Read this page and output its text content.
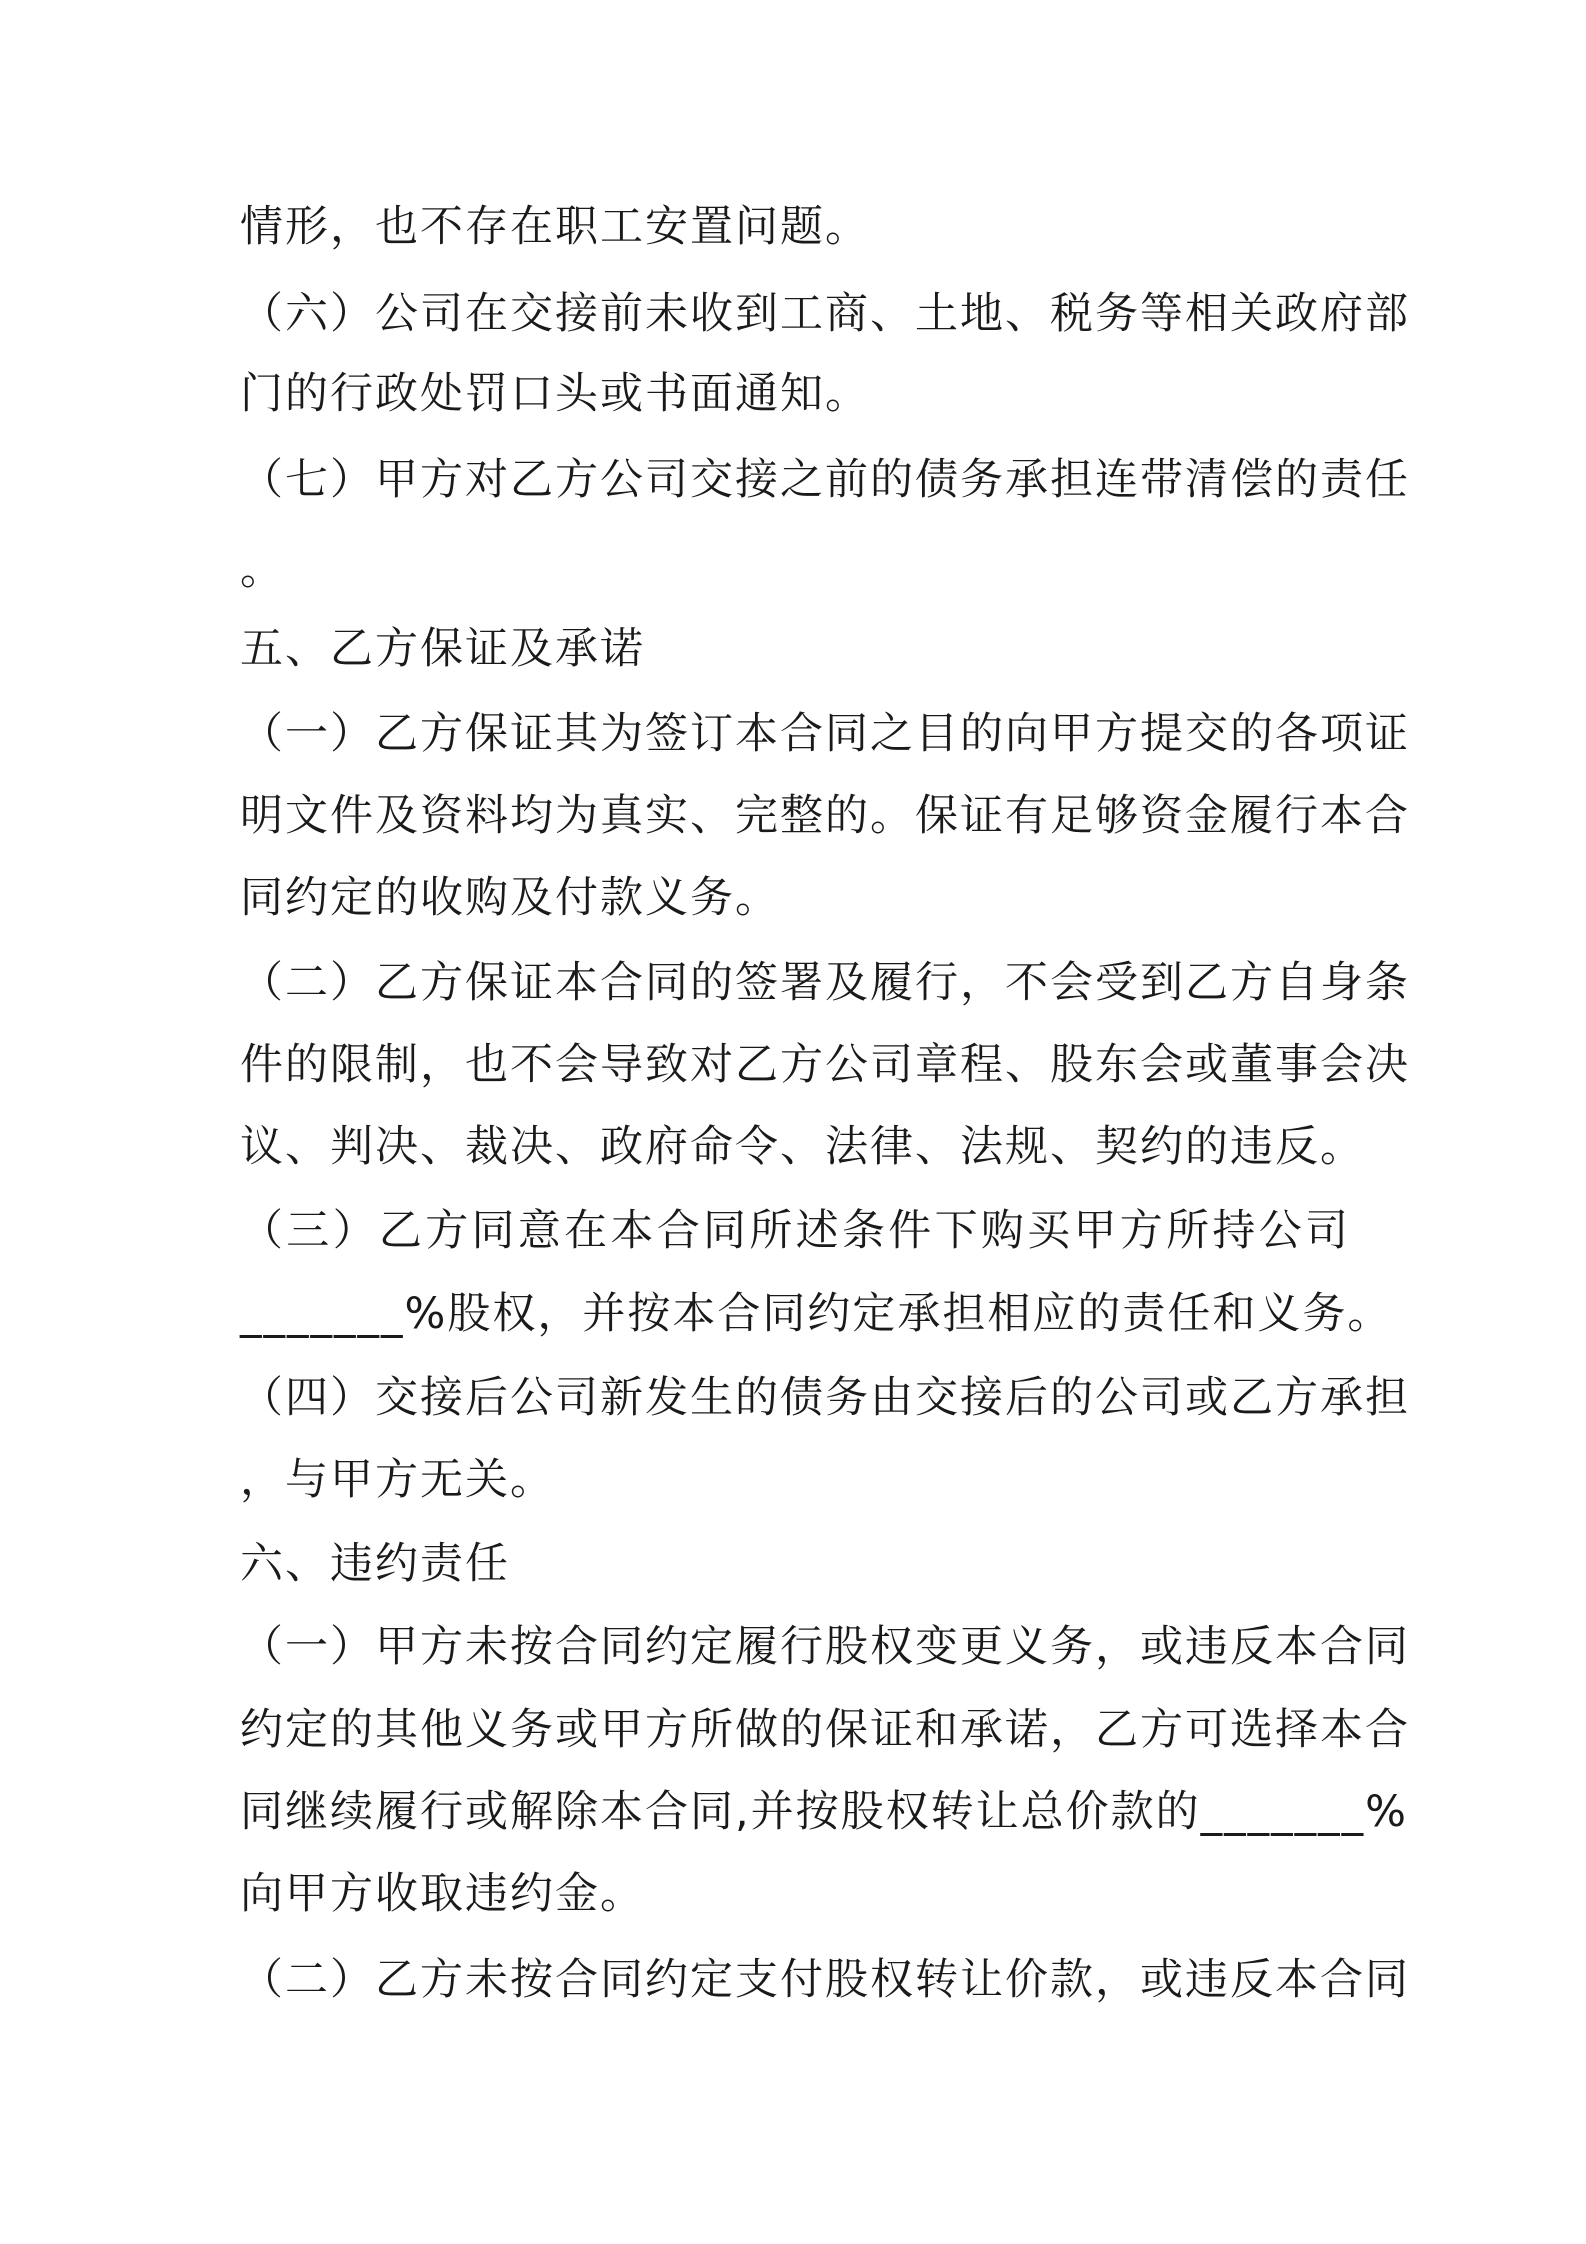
情形，也不存在职工安置问题。
（六）公司在交接前未收到工商、土地、税务等相关政府部
门的行政处罚口头或书面通知。
（七）甲方对乙方公司交接之前的债务承担连带清偿的责任
。
五、乙方保证及承诺
（一）乙方保证其为签订本合同之目的向甲方提交的各项证
明文件及资料均为真实、完整的。保证有足够资金履行本合
同约定的收购及付款义务。
（二）乙方保证本合同的签署及履行，不会受到乙方自身条
件的限制，也不会导致对乙方公司章程、股东会或董事会决
议、判决、裁决、政府命令、法律、法规、契约的违反。
（三）乙方同意在本合同所述条件下购买甲方所持公司
_______%股权，并按本合同约定承担相应的责任和义务。
（四）交接后公司新发生的债务由交接后的公司或乙方承担
，与甲方无关。
六、违约责任
（一）甲方未按合同约定履行股权变更义务，或违反本合同
约定的其他义务或甲方所做的保证和承诺，乙方可选择本合
同继续履行或解除本合同,并按股权转让总价款的_______%
向甲方收取违约金。
（二）乙方未按合同约定支付股权转让价款，或违反本合同
